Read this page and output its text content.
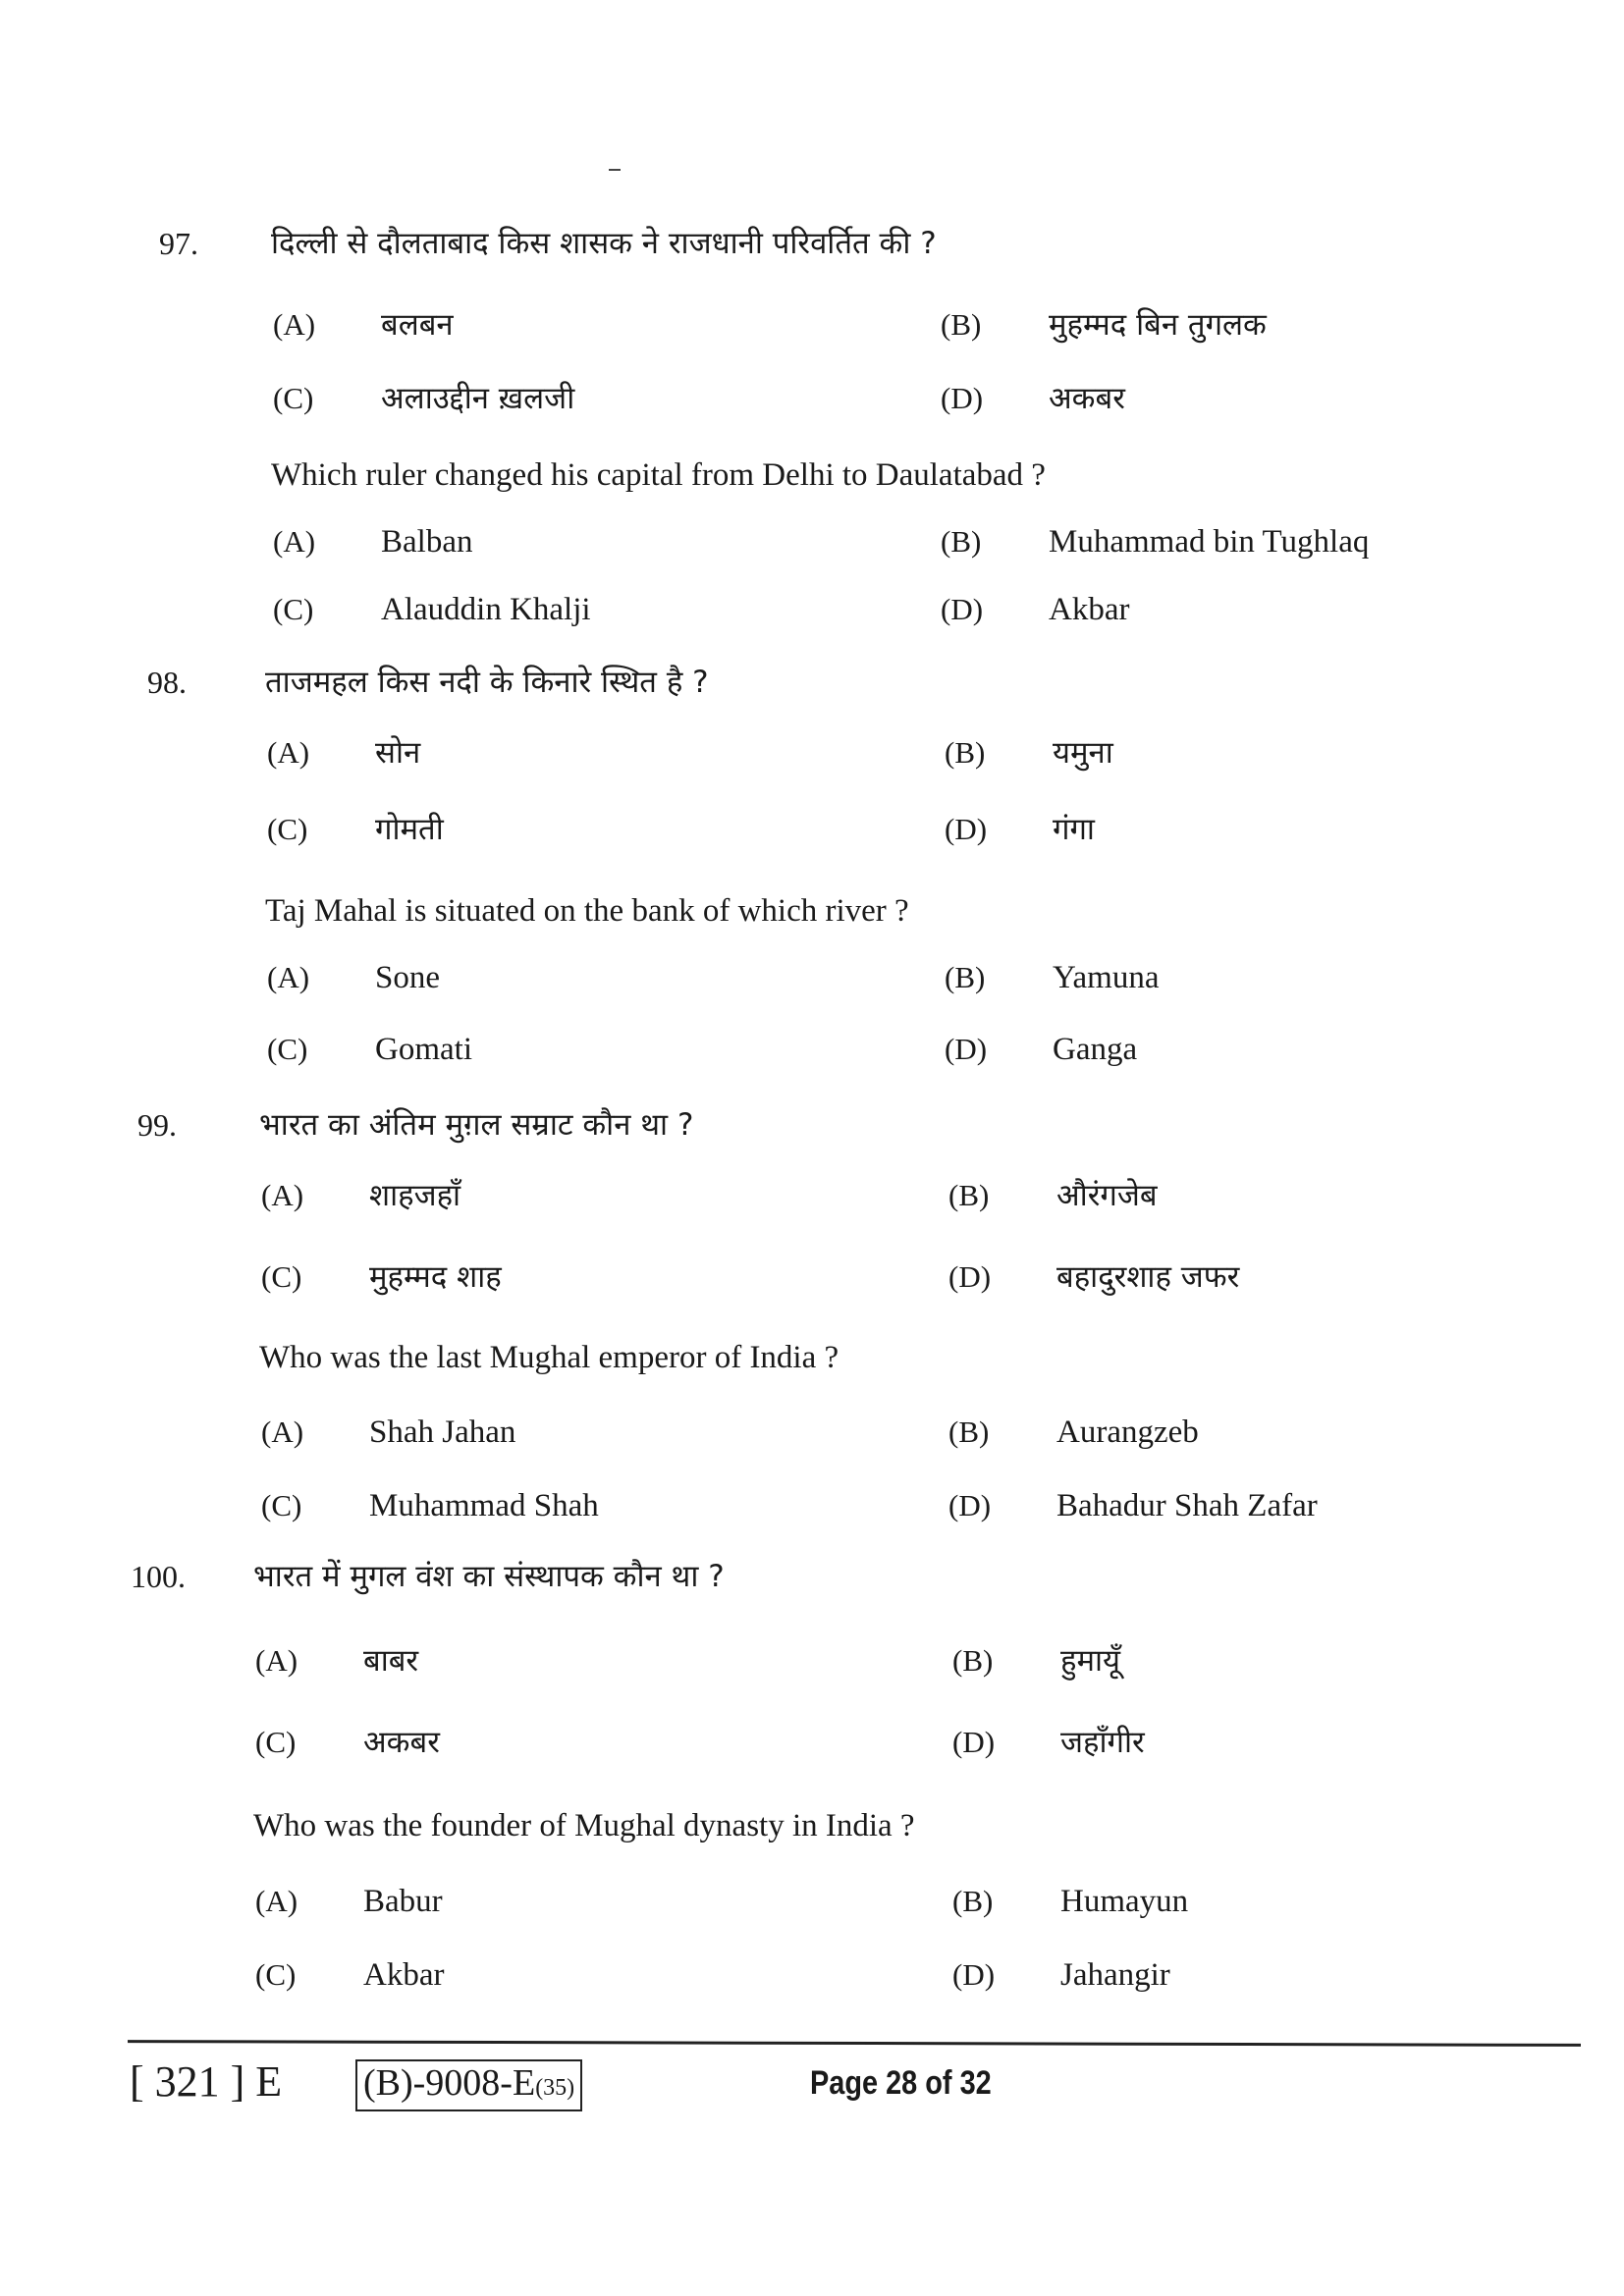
97. दिल्ली से दौलताबाद किस शासक ने राजधानी परिवर्तित की ?
(A) बलबन	(B) मुहम्मद बिन तुगलक
(C) अलाउद्दीन ख़लजी	(D) अकबर
Which ruler changed his capital from Delhi to Daulatabad ?
(A) Balban	(B) Muhammad bin Tughlaq
(C) Alauddin Khalji	(D) Akbar
98.	ताजमहल किस नदी के किनारे स्थित है ?
(A) सोन	(B) यमुना
(C) गोमती	(D) गंगा
Taj Mahal is situated on the bank of which river ?
(A) Sone	(B) Yamuna
(C) Gomati	(D) Ganga
99.	भारत का अंतिम मुग़ल सम्राट कौन था ?
(A) शाहजहाँ	(B) औरंगजेब
(C) मुहम्मद शाह	(D) बहादुरशाह जफर
Who was the last Mughal emperor of India ?
(A) Shah Jahan	(B) Aurangzeb
(C) Muhammad Shah	(D) Bahadur Shah Zafar
100. भारत में मुगल वंश का संस्थापक कौन था ?
(A) बाबर	(B) हुमायूँ
(C) अकबर	(D) जहाँगीर
Who was the founder of Mughal dynasty in India ?
(A) Babur	(B) Humayun
(C) Akbar	(D) Jahangir
[ 321 ] E (B)-9008-E(35)	Page 28 of 32
